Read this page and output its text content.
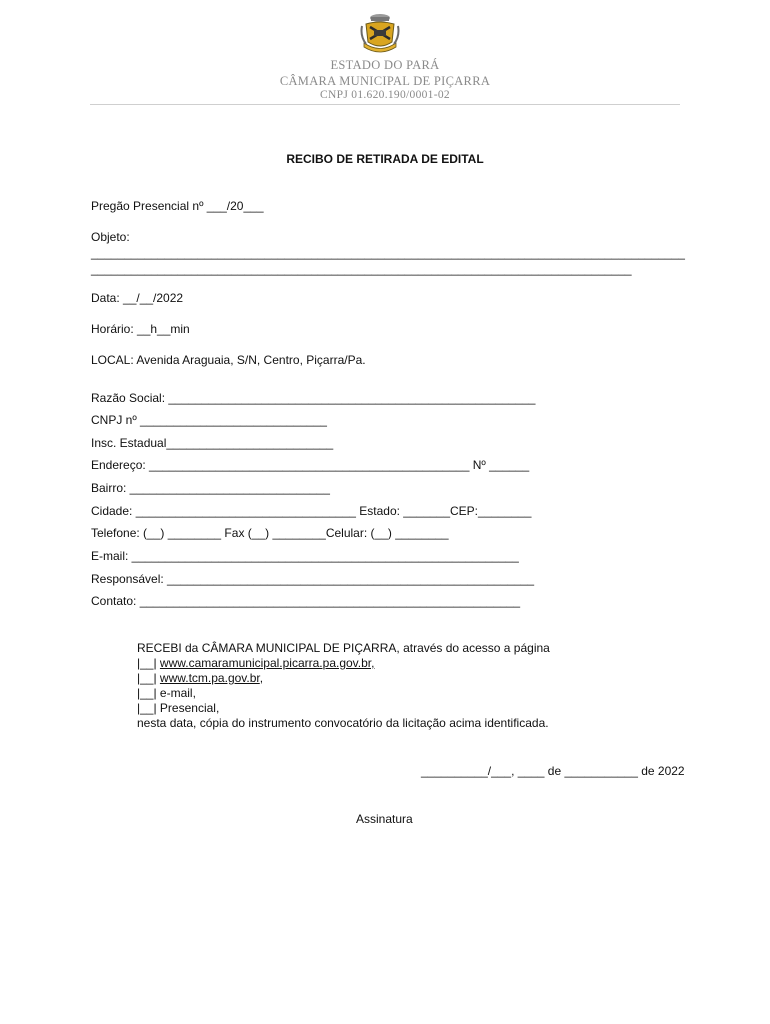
ESTADO DO PARÁ
CÂMARA MUNICIPAL DE PIÇARRA
CNPJ 01.620.190/0001-02
RECIBO DE RETIRADA DE EDITAL
Pregão Presencial nº ___/20___
Objeto:
_________________________________________________________________________________________
_________________________________________________________________________________
Data: __/__/2022
Horário: __h__min
LOCAL: Avenida Araguaia, S/N, Centro, Piçarra/Pa.
Razão Social: _______________________________________________________
CNPJ nº ____________________________
Insc. Estadual_________________________
Endereço: ________________________________________________ Nº ______
Bairro: ______________________________
Cidade: _________________________________ Estado: _______CEP:________
Telefone: (__) ________ Fax (__) ________Celular: (__) ________
E-mail: __________________________________________________________
Responsável: _______________________________________________________
Contato: _________________________________________________________
RECEBI da CÂMARA MUNICIPAL DE PIÇARRA, através do acesso a página
|__| www.camaramunicipal.picarra.pa.gov.br,
|__| www.tcm.pa.gov.br,
|__| e-mail,
|__| Presencial,
nesta data, cópia do instrumento convocatório da licitação acima identificada.
__________/___, ____ de ___________ de 2022
Assinatura
